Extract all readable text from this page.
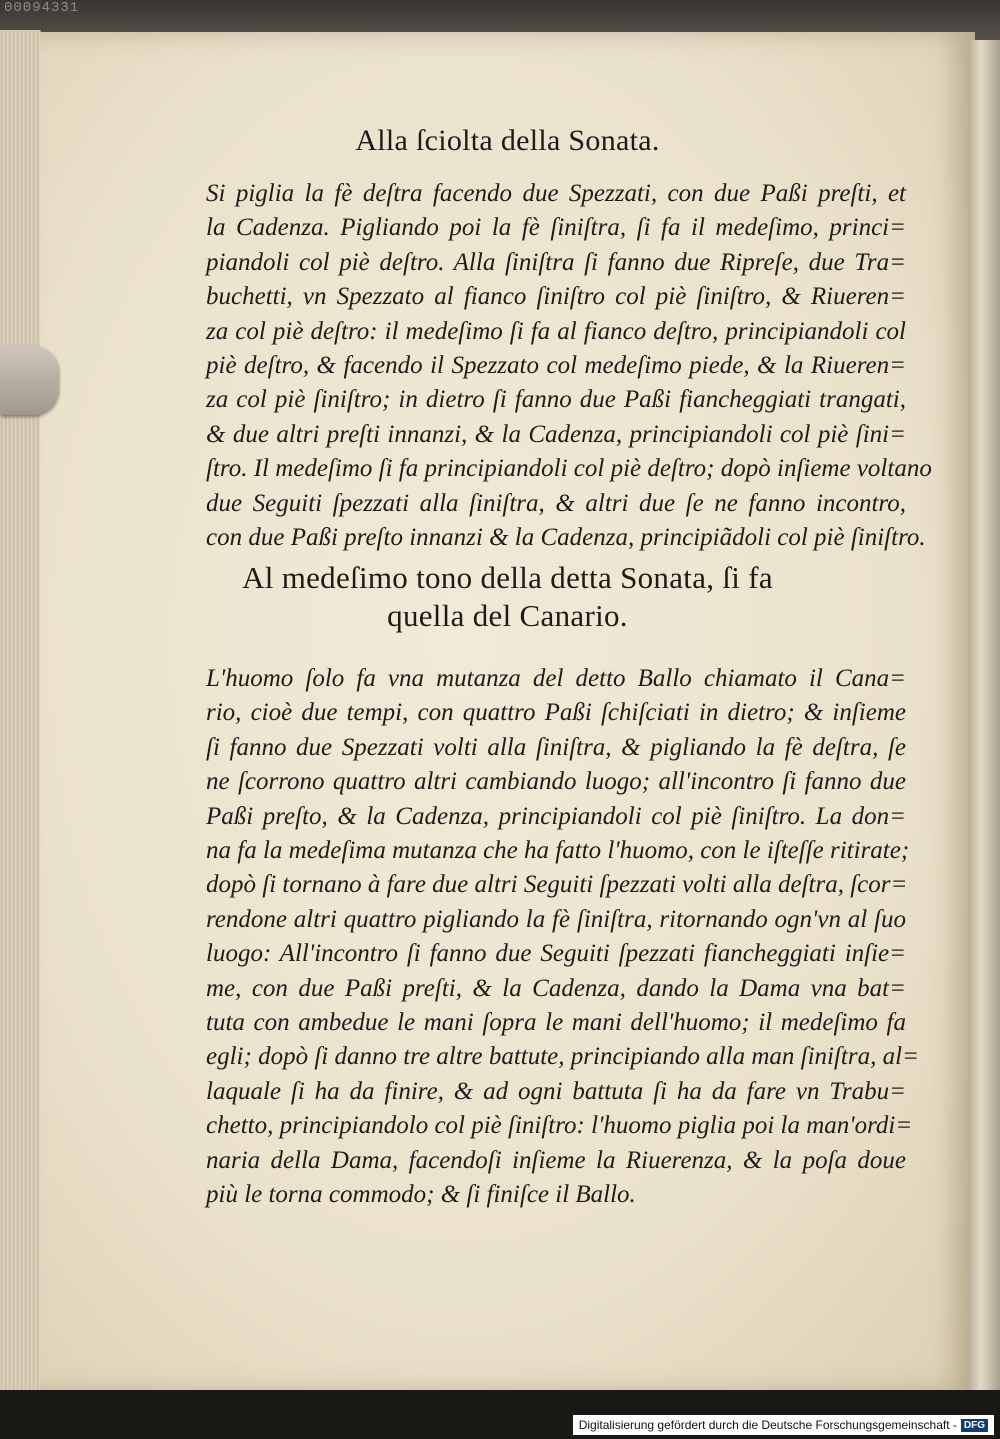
00094331
Alla ſciolta della Sonata.
Si piglia la fè deſtra facendo due Spezzati, con due Paßi preſti, et
la Cadenza. Pigliando poi la fè ſiniſtra, ſi fa il medeſimo, princi=
piandoli col piè deſtro. Alla ſiniſtra ſi fanno due Ripreſe, due Tra=
buchetti, vn Spezzato al fianco ſiniſtro col piè ſiniſtro, & Riueren=
za col piè deſtro: il medeſimo ſi fa al fianco deſtro, principiandoli col
piè deſtro, & facendo il Spezzato col medeſimo piede, & la Riueren=
za col piè ſiniſtro; in dietro ſi fanno due Paßi fiancheggiati trangati,
& due altri preſti innanzi, & la Cadenza, principiandoli col piè ſini=
ſtro. Il medeſimo ſi fa principiandoli col piè deſtro; dopò inſieme voltano
due Seguiti ſpezzati alla ſiniſtra, & altri due ſe ne fanno incontro,
con due Paßi preſto innanzi & la Cadenza, principiãdoli col piè ſiniſtro.
Al medeſimo tono della detta Sonata, ſi fa
quella del Canario.
L'huomo ſolo fa vna mutanza del detto Ballo chiamato il Cana=
rio, cioè due tempi, con quattro Paßi ſchiſciati in dietro; & inſieme
ſi fanno due Spezzati volti alla ſiniſtra, & pigliando la fè deſtra, ſe
ne ſcorrono quattro altri cambiando luogo; all'incontro ſi fanno due
Paßi preſto, & la Cadenza, principiandoli col piè ſiniſtro. La don=
na fa la medeſima mutanza che ha fatto l'huomo, con le iſteſſe ritirate;
dopò ſi tornano à fare due altri Seguiti ſpezzati volti alla deſtra, ſcor=
rendone altri quattro pigliando la fè ſiniſtra, ritornando ogn'vn al ſuo
luogo: All'incontro ſi fanno due Seguiti ſpezzati fiancheggiati inſie=
me, con due Paßi preſti, & la Cadenza, dando la Dama vna bat=
tuta con ambedue le mani ſopra le mani dell'huomo; il medeſimo fa
egli; dopò ſi danno tre altre battute, principiando alla man ſiniſtra, al=
laquale ſi ha da finire, & ad ogni battuta ſi ha da fare vn Trabu=
chetto, principiandolo col piè ſiniſtro: l'huomo piglia poi la man'ordi=
naria della Dama, facendoſi inſieme la Riuerenza, & la poſa doue
più le torna commodo; & ſi finiſce il Ballo.
Digitalisierung gefördert durch die Deutsche Forschungsgemeinschaft - DFG
